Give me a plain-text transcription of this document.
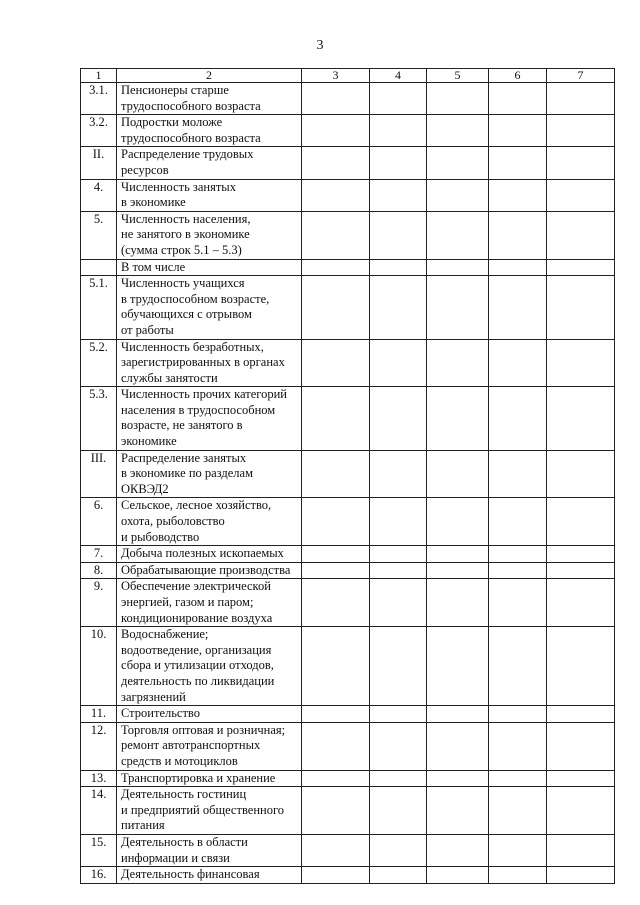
3
1	2	3	4	5	6	7
3.1.	Пенсионеры старше
трудоспособного возраста					
3.2.	Подростки моложе
трудоспособного возраста					
II.	Распределение трудовых
ресурсов					
4.	Численность занятых
в экономике					
5.	Численность населения,
не занятого в экономике
(сумма строк 5.1 – 5.3)					
	В том числе					
5.1.	Численность учащихся
в трудоспособном возрасте,
обучающихся с отрывом
от работы					
5.2.	Численность безработных,
зарегистрированных в органах
службы занятости					
5.3.	Численность прочих категорий
населения в трудоспособном
возрасте, не занятого в
экономике					
III.	Распределение занятых
в экономике по разделам
ОКВЭД2					
6.	Сельское, лесное хозяйство,
охота, рыболовство
и рыбоводство					
7.	Добыча полезных ископаемых					
8.	Обрабатывающие производства					
9.	Обеспечение электрической
энергией, газом и паром;
кондиционирование воздуха					
10.	Водоснабжение;
водоотведение, организация
сбора и утилизации отходов,
деятельность по ликвидации
загрязнений					
11.	Строительство					
12.	Торговля оптовая и розничная;
ремонт автотранспортных
средств и мотоциклов					
13.	Транспортировка и хранение					
14.	Деятельность гостиниц
и предприятий общественного
питания					
15.	Деятельность в области
информации и связи					
16.	Деятельность финансовая					
